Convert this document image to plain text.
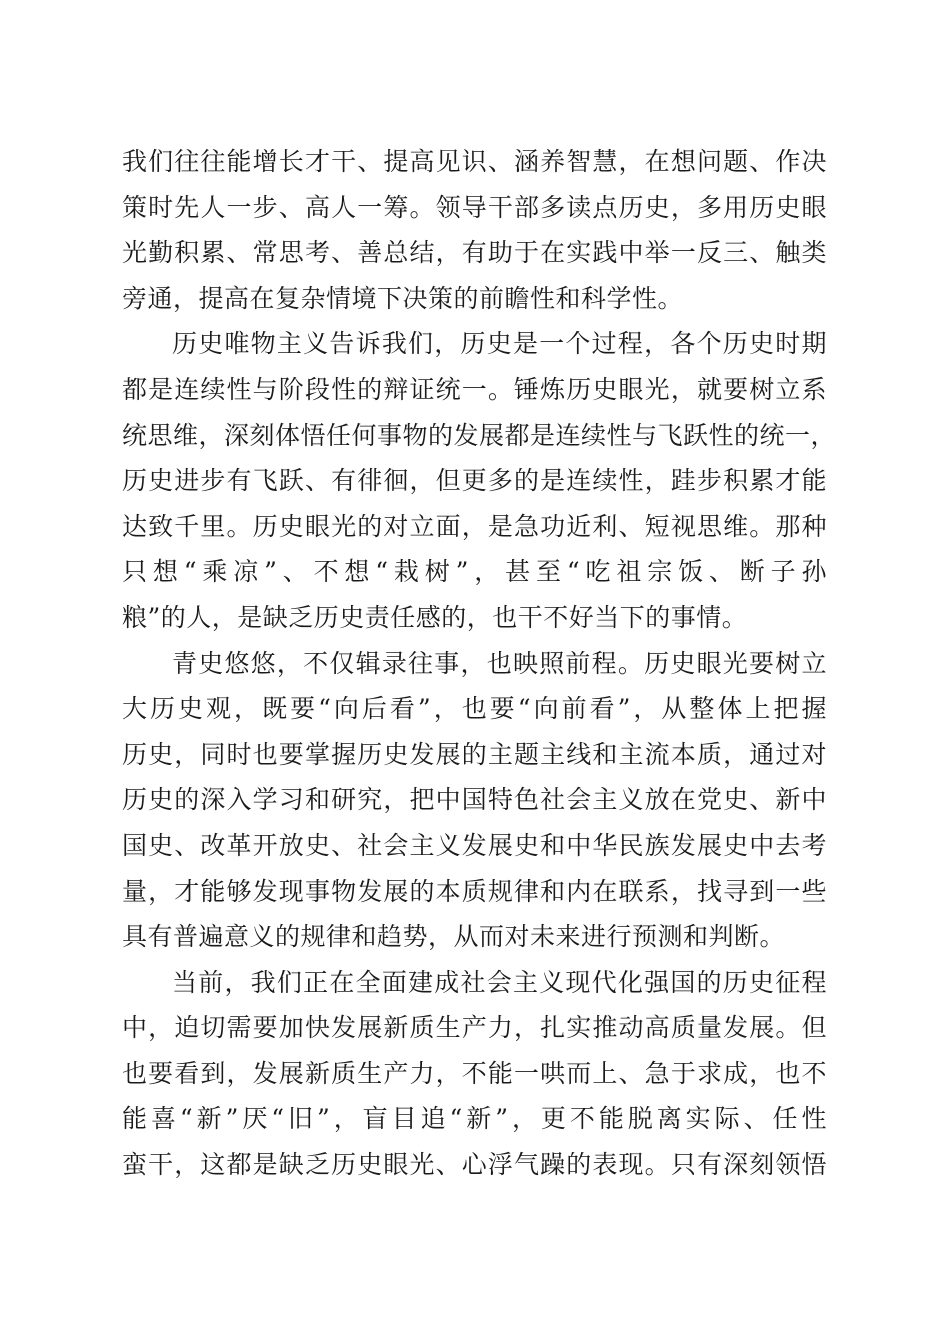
我们往往能增长才干、提高见识、涵养智慧，在想问题、作决
策时先人一步、高人一筹。领导干部多读点历史，多用历史眼
光勤积累、常思考、善总结，有助于在实践中举一反三、触类
旁通，提高在复杂情境下决策的前瞻性和科学性。
历史唯物主义告诉我们，历史是一个过程，各个历史时期
都是连续性与阶段性的辩证统一。锤炼历史眼光，就要树立系
统思维，深刻体悟任何事物的发展都是连续性与飞跃性的统一，
历史进步有飞跃、有徘徊，但更多的是连续性，跬步积累才能
达致千里。历史眼光的对立面，是急功近利、短视思维。那种
只想“乘凉”、不想“栽树”，甚至“吃祖宗饭、断子孙
粮”的人，是缺乏历史责任感的，也干不好当下的事情。
青史悠悠，不仅辑录往事，也映照前程。历史眼光要树立
大历史观，既要“向后看”，也要“向前看”，从整体上把握
历史，同时也要掌握历史发展的主题主线和主流本质，通过对
历史的深入学习和研究，把中国特色社会主义放在党史、新中
国史、改革开放史、社会主义发展史和中华民族发展史中去考
量，才能够发现事物发展的本质规律和内在联系，找寻到一些
具有普遍意义的规律和趋势，从而对未来进行预测和判断。
当前，我们正在全面建成社会主义现代化强国的历史征程
中，迫切需要加快发展新质生产力，扎实推动高质量发展。但
也要看到，发展新质生产力，不能一哄而上、急于求成，也不
能喜“新”厌“旧”，盲目追“新”，更不能脱离实际、任性
蛮干，这都是缺乏历史眼光、心浮气躁的表现。只有深刻领悟
